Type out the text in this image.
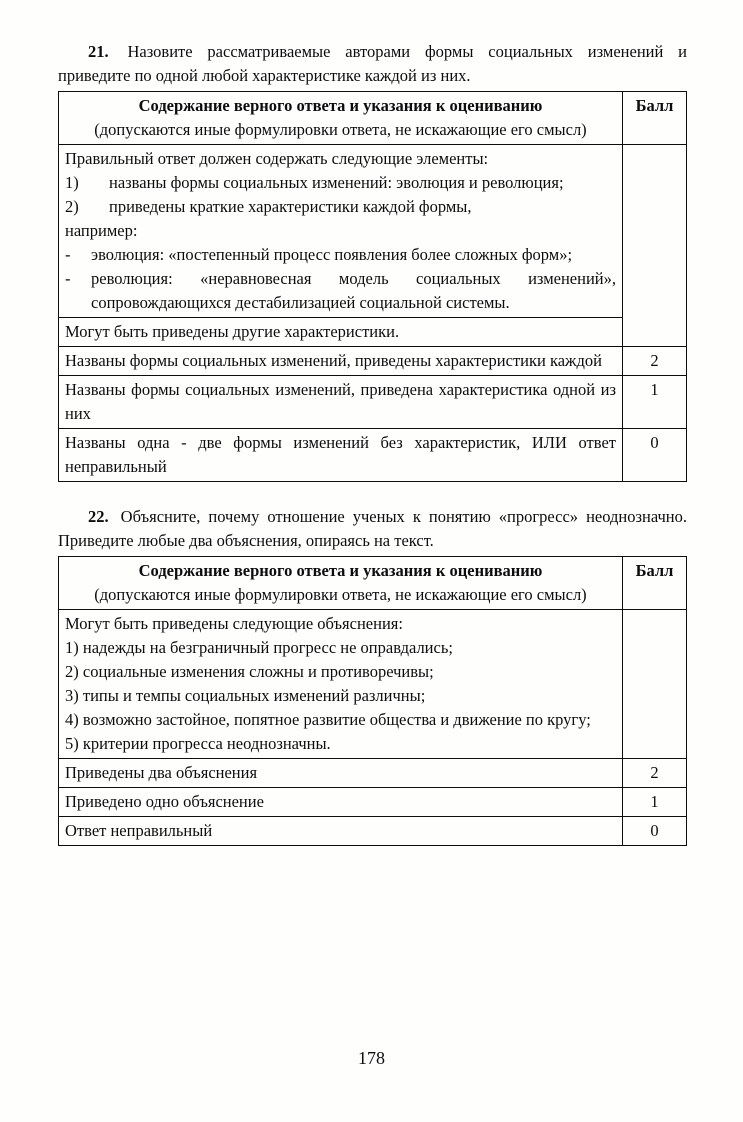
21. Назовите рассматриваемые авторами формы социальных изменений и приведите по одной любой характеристике каждой из них.

Содержание верного ответа и указания к оцениванию
(допускаются иные формулировки ответа, не искажающие его смысл)	Балл

Правильный ответ должен содержать следующие элементы:
1) названы формы социальных изменений: эволюция и революция;
2) приведены краткие характеристики каждой формы,
например:
- эволюция: «постепенный процесс появления более сложных форм»;
- революция: «неравновесная модель социальных изменений», сопровождающихся дестабилизацией социальной системы.

Могут быть приведены другие характеристики.	
Названы формы социальных изменений, приведены характеристики каждой	2
Названы формы социальных изменений, приведена характеристика одной из них	1
Названы одна - две формы изменений без характеристик, ИЛИ ответ неправильный	0

22. Объясните, почему отношение ученых к понятию «прогресс» неоднозначно. Приведите любые два объяснения, опираясь на текст.

Содержание верного ответа и указания к оцениванию
(допускаются иные формулировки ответа, не искажающие его смысл)	Балл

Могут быть приведены следующие объяснения:
1) надежды на безграничный прогресс не оправдались;
2) социальные изменения сложны и противоречивы;
3) типы и темпы социальных изменений различны;
4) возможно застойное, попятное развитие общества и движение по кругу;
5) критерии прогресса неоднозначны.

Приведены два объяснения	2
Приведено одно объяснение	1
Ответ неправильный	0
178
